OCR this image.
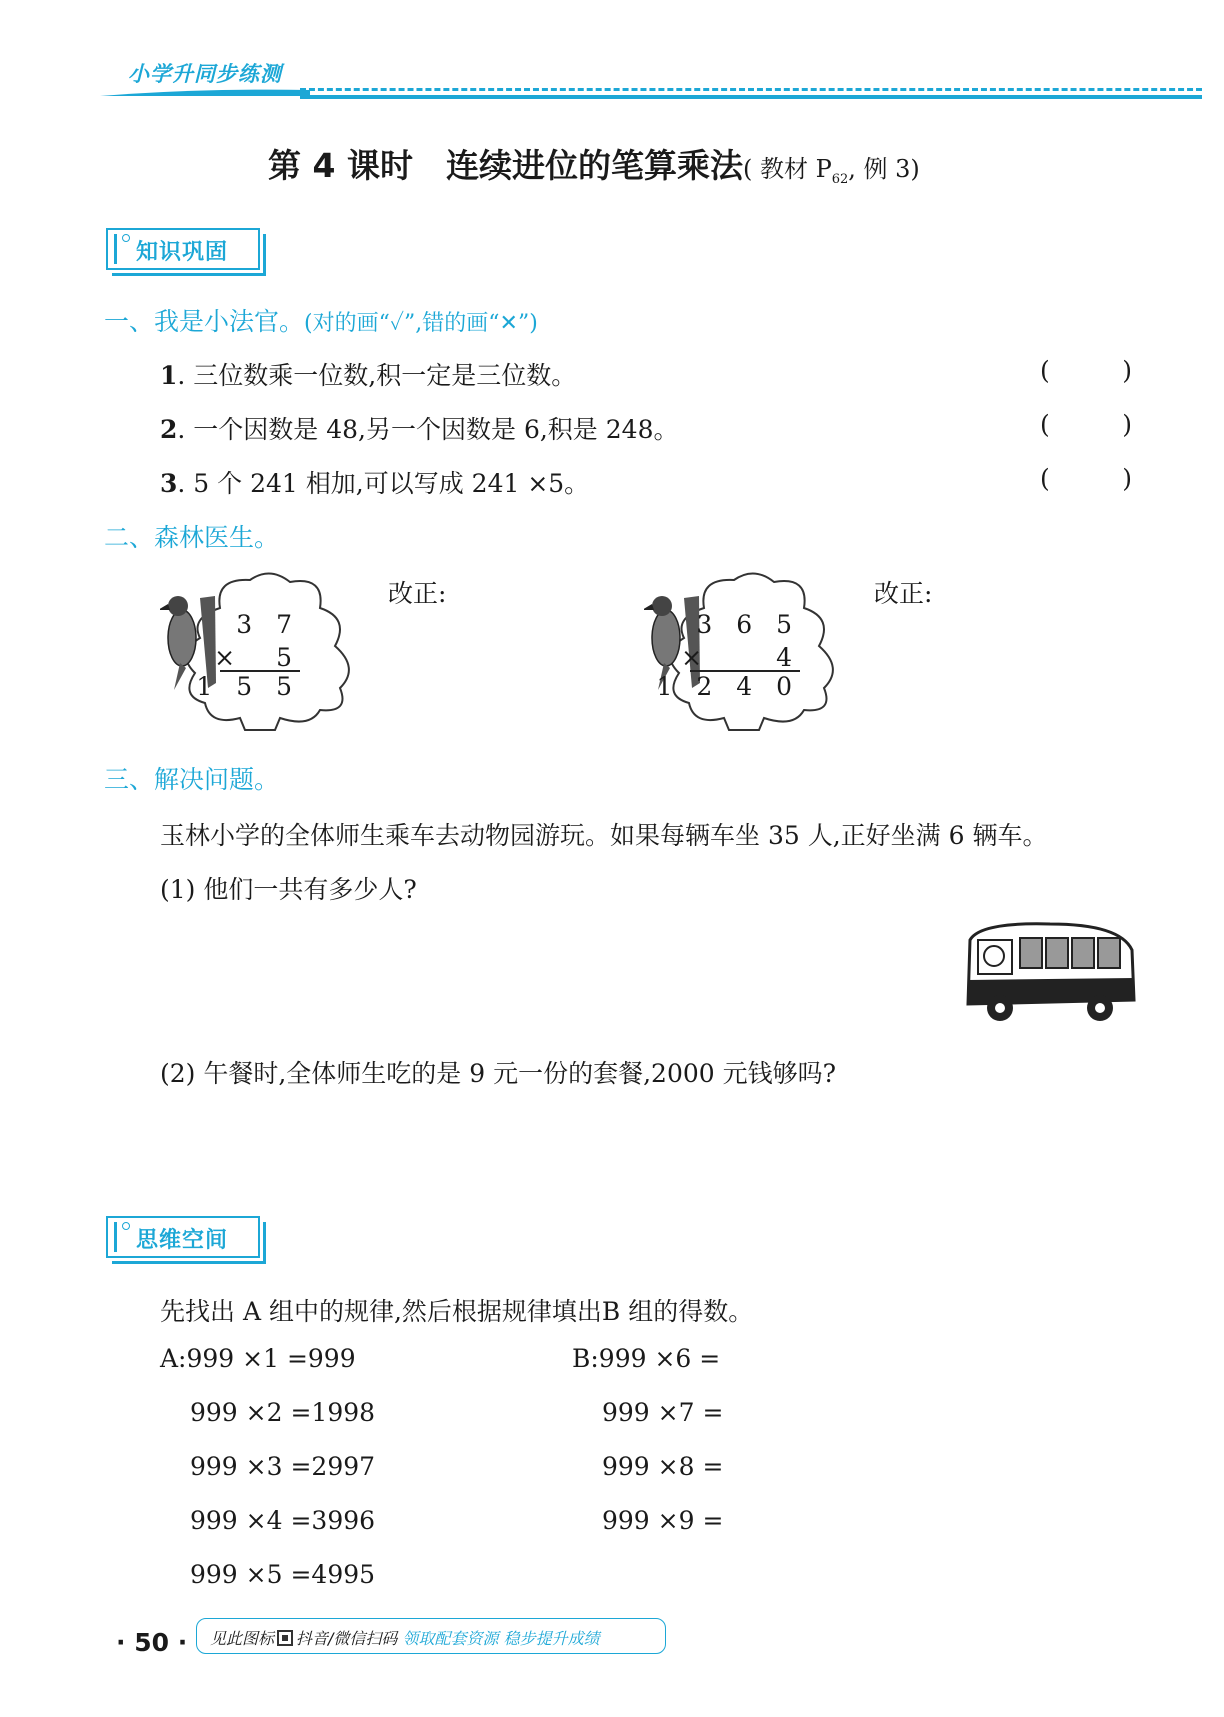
小学升同步练测
第 4 课时　连续进位的笔算乘法( 教材 $P_{62}$, 例 3)
知识巩固
一、我是小法官。(对的画“✓”,错的画“✕”)
1. 三位数乘一位数,积一定是三位数。	(	)
2. 一个因数是 48,另一个因数是 6,积是 248。	(	)
3. 5 个 241 相加,可以写成 241 ×5。	(	)
二、森林医生。
3 7
×　5
1 5 5
改正:
3 6 5
×　　4
1 2 4 0
改正:
三、解决问题。
玉林小学的全体师生乘车去动物园游玩。如果每辆车坐 35 人,正好坐满 6 辆车。
(1) 他们一共有多少人?
(2) 午餐时,全体师生吃的是 9 元一份的套餐,2000 元钱够吗?
思维空间
先找出 A 组中的规律,然后根据规律填出B 组的得数。
A:999 ×1 =999
999 ×2 =1998
999 ×3 =2997
999 ×4 =3996
999 ×5 =4995
B:999 ×6 =
999 ×7 =
999 ×8 =
999 ×9 =
· 50 · 见此图标 抖音/微信扫码 领取配套资源 稳步提升成绩
